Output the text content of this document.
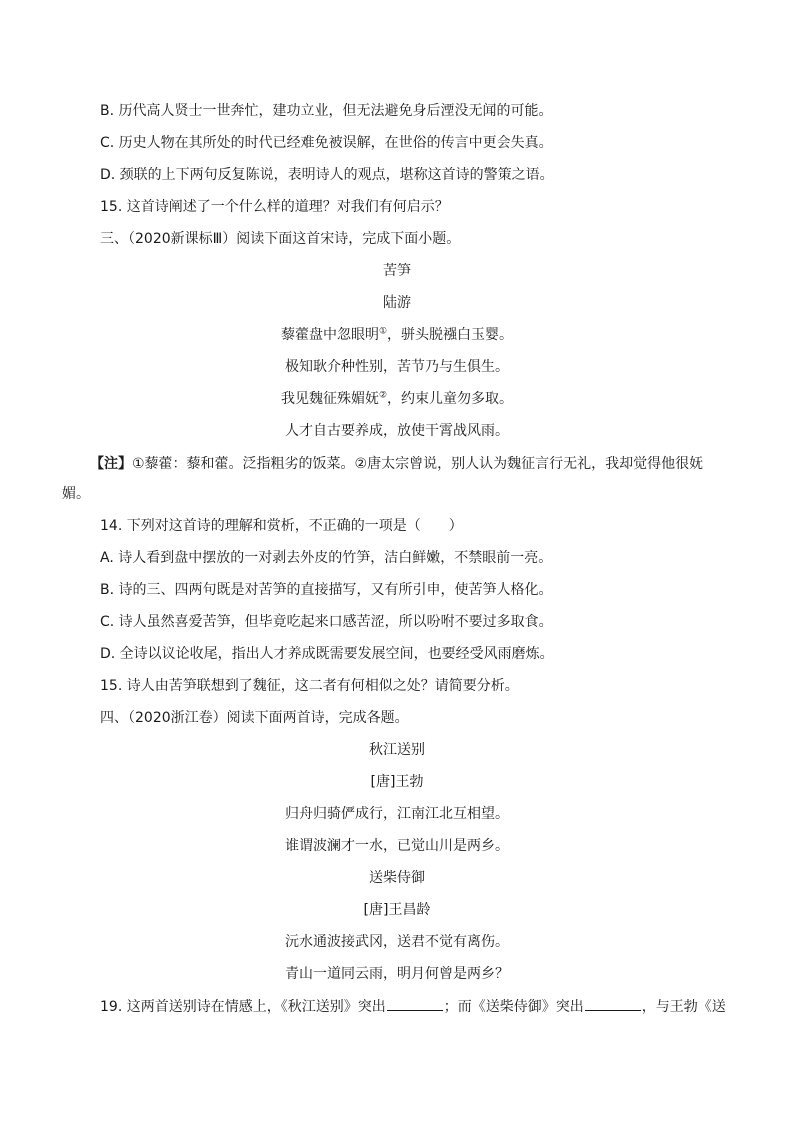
B. 历代高人贤士一世奔忙，建功立业，但无法避免身后湮没无闻的可能。
C. 历史人物在其所处的时代已经难免被误解，在世俗的传言中更会失真。
D. 颈联的上下两句反复陈说，表明诗人的观点，堪称这首诗的警策之语。
15. 这首诗阐述了一个什么样的道理？对我们有何启示？
三、（2020新课标Ⅲ）阅读下面这首宋诗，完成下面小题。
苦笋
陆游
藜藿盘中忽眼明①，骈头脱襁白玉婴。
极知耿介种性别，苦节乃与生俱生。
我见魏征殊媚妩②，约束儿童勿多取。
人才自古要养成，放使干霄战风雨。
【注】①藜藿：藜和藿。泛指粗劣的饭菜。②唐太宗曾说，别人认为魏征言行无礼，我却觉得他很妩
媚。
14. 下列对这首诗的理解和赏析，不正确的一项是（　　）
A. 诗人看到盘中摆放的一对剥去外皮的竹笋，洁白鲜嫩，不禁眼前一亮。
B. 诗的三、四两句既是对苦笋的直接描写，又有所引申，使苦笋人格化。
C. 诗人虽然喜爱苦笋，但毕竟吃起来口感苦涩，所以吩咐不要过多取食。
D. 全诗以议论收尾，指出人才养成既需要发展空间，也要经受风雨磨炼。
15. 诗人由苦笋联想到了魏征，这二者有何相似之处？请简要分析。
四、（2020浙江卷）阅读下面两首诗，完成各题。
秋江送别
[唐]王勃
归舟归骑俨成行，江南江北互相望。
谁谓波澜才一水，已觉山川是两乡。
送柴侍御
[唐]王昌龄
沅水通波接武冈，送君不觉有离伤。
青山一道同云雨，明月何曾是两乡？
19. 这两首送别诗在情感上，《秋江送别》突出	；而《送柴侍御》突出	，与王勃《送
